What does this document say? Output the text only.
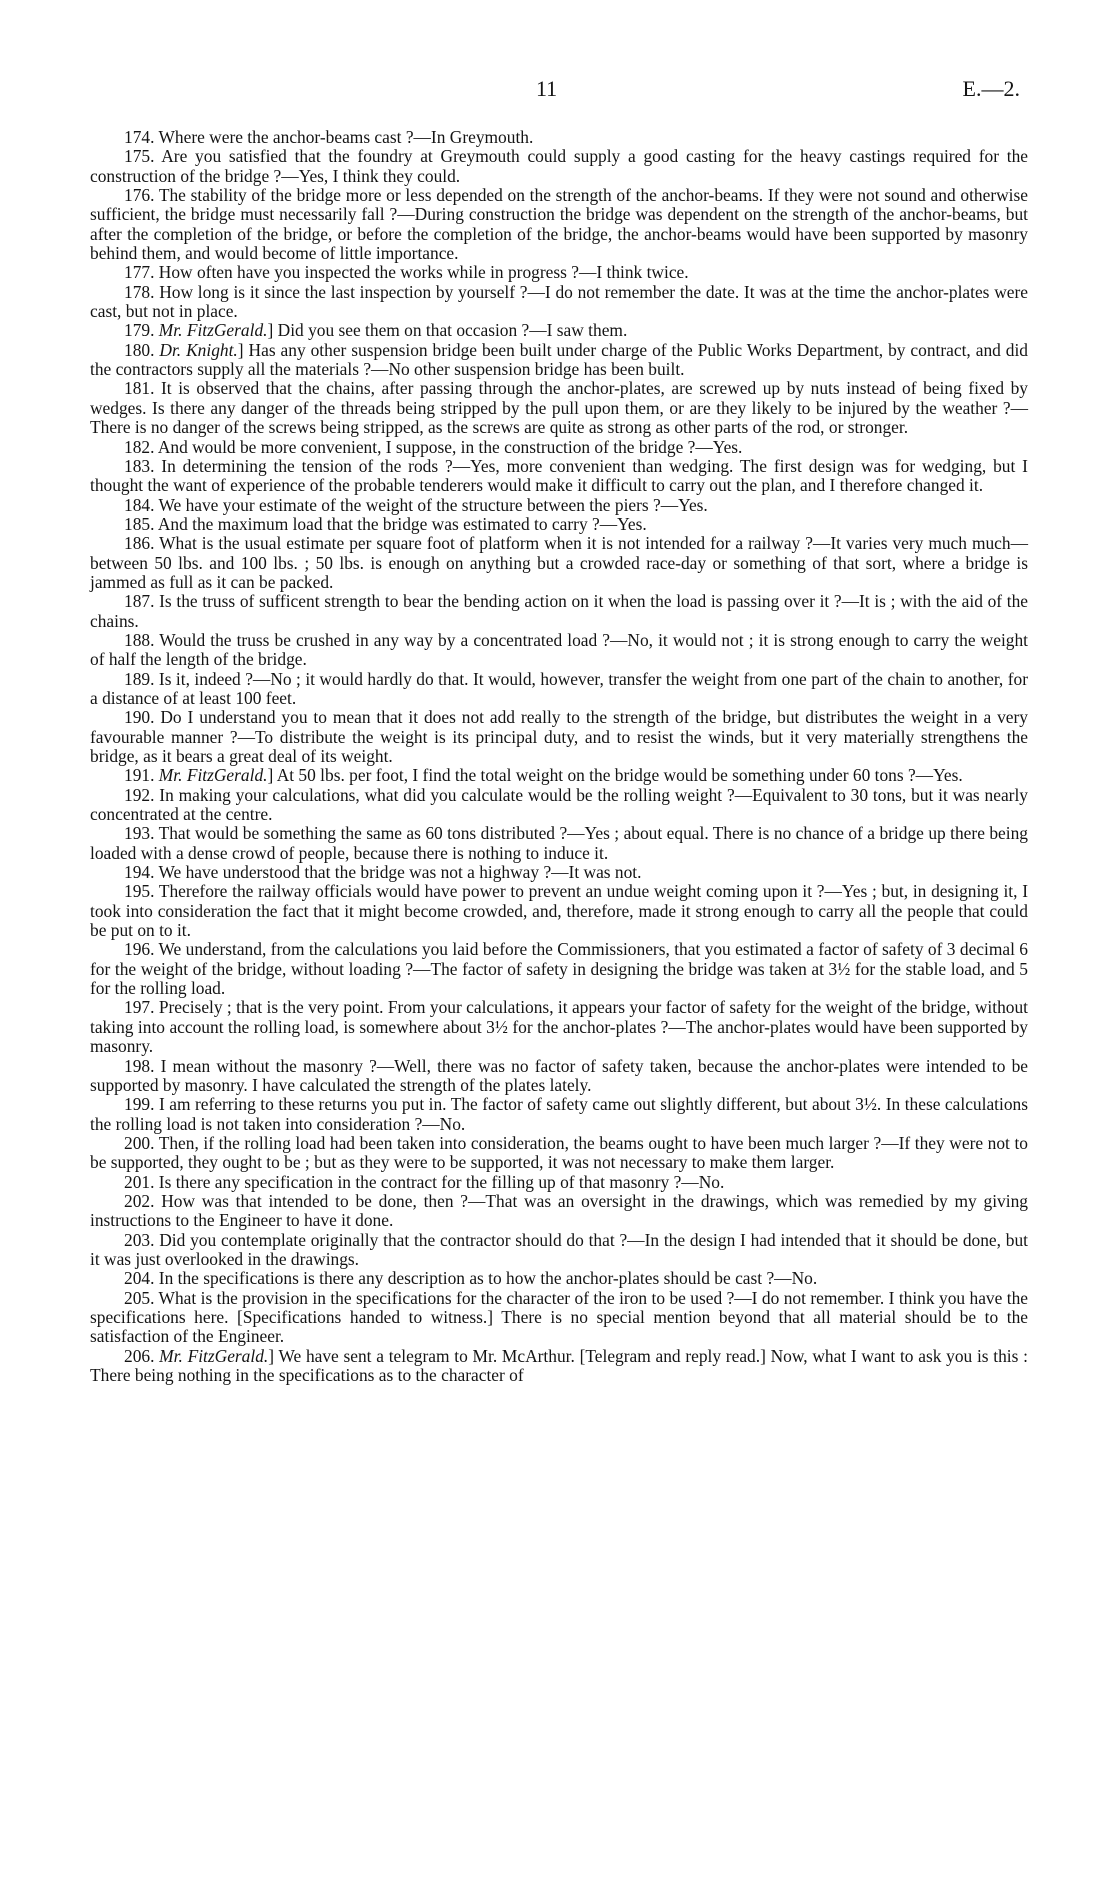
11	E.—2.

174. Where were the anchor-beams cast ?—In Greymouth.

175. Are you satisfied that the foundry at Greymouth could supply a good casting for the heavy castings required for the construction of the bridge ?—Yes, I think they could.

176. The stability of the bridge more or less depended on the strength of the anchor-beams. If they were not sound and otherwise sufficient, the bridge must necessarily fall ?—During construction the bridge was dependent on the strength of the anchor-beams, but after the completion of the bridge, or before the completion of the bridge, the anchor-beams would have been supported by masonry behind them, and would become of little importance.

177. How often have you inspected the works while in progress ?—I think twice.

178. How long is it since the last inspection by yourself ?—I do not remember the date. It was at the time the anchor-plates were cast, but not in place.

179. Mr. FitzGerald.] Did you see them on that occasion ?—I saw them.

180. Dr. Knight.] Has any other suspension bridge been built under charge of the Public Works Department, by contract, and did the contractors supply all the materials ?—No other suspension bridge has been built.

181. It is observed that the chains, after passing through the anchor-plates, are screwed up by nuts instead of being fixed by wedges. Is there any danger of the threads being stripped by the pull upon them, or are they likely to be injured by the weather ?—There is no danger of the screws being stripped, as the screws are quite as strong as other parts of the rod, or stronger.

182. And would be more convenient, I suppose, in the construction of the bridge ?—Yes.

183. In determining the tension of the rods ?—Yes, more convenient than wedging. The first design was for wedging, but I thought the want of experience of the probable tenderers would make it difficult to carry out the plan, and I therefore changed it.

184. We have your estimate of the weight of the structure between the piers ?—Yes.

185. And the maximum load that the bridge was estimated to carry ?—Yes.

186. What is the usual estimate per square foot of platform when it is not intended for a railway ?—It varies very much much—between 50 lbs. and 100 lbs. ; 50 lbs. is enough on anything but a crowded race-day or something of that sort, where a bridge is jammed as full as it can be packed.

187. Is the truss of sufficent strength to bear the bending action on it when the load is passing over it ?—It is ; with the aid of the chains.

188. Would the truss be crushed in any way by a concentrated load ?—No, it would not ; it is strong enough to carry the weight of half the length of the bridge.

189. Is it, indeed ?—No ; it would hardly do that. It would, however, transfer the weight from one part of the chain to another, for a distance of at least 100 feet.

190. Do I understand you to mean that it does not add really to the strength of the bridge, but distributes the weight in a very favourable manner ?—To distribute the weight is its principal duty, and to resist the winds, but it very materially strengthens the bridge, as it bears a great deal of its weight.

191. Mr. FitzGerald.] At 50 lbs. per foot, I find the total weight on the bridge would be something under 60 tons ?—Yes.

192. In making your calculations, what did you calculate would be the rolling weight ?—Equivalent to 30 tons, but it was nearly concentrated at the centre.

193. That would be something the same as 60 tons distributed ?—Yes ; about equal. There is no chance of a bridge up there being loaded with a dense crowd of people, because there is nothing to induce it.

194. We have understood that the bridge was not a highway ?—It was not.

195. Therefore the railway officials would have power to prevent an undue weight coming upon it ?—Yes ; but, in designing it, I took into consideration the fact that it might become crowded, and, therefore, made it strong enough to carry all the people that could be put on to it.

196. We understand, from the calculations you laid before the Commissioners, that you estimated a factor of safety of 3 decimal 6 for the weight of the bridge, without loading ?—The factor of safety in designing the bridge was taken at 3½ for the stable load, and 5 for the rolling load.

197. Precisely ; that is the very point. From your calculations, it appears your factor of safety for the weight of the bridge, without taking into account the rolling load, is somewhere about 3½ for the anchor-plates ?—The anchor-plates would have been supported by masonry.

198. I mean without the masonry ?—Well, there was no factor of safety taken, because the anchor-plates were intended to be supported by masonry. I have calculated the strength of the plates lately.

199. I am referring to these returns you put in. The factor of safety came out slightly different, but about 3½. In these calculations the rolling load is not taken into consideration ?—No.

200. Then, if the rolling load had been taken into consideration, the beams ought to have been much larger ?—If they were not to be supported, they ought to be ; but as they were to be supported, it was not necessary to make them larger.

201. Is there any specification in the contract for the filling up of that masonry ?—No.

202. How was that intended to be done, then ?—That was an oversight in the drawings, which was remedied by my giving instructions to the Engineer to have it done.

203. Did you contemplate originally that the contractor should do that ?—In the design I had intended that it should be done, but it was just overlooked in the drawings.

204. In the specifications is there any description as to how the anchor-plates should be cast ?—No.

205. What is the provision in the specifications for the character of the iron to be used ?—I do not remember. I think you have the specifications here. [Specifications handed to witness.] There is no special mention beyond that all material should be to the satisfaction of the Engineer.

206. Mr. FitzGerald.] We have sent a telegram to Mr. McArthur. [Telegram and reply read.] Now, what I want to ask you is this : There being nothing in the specifications as to the character of
